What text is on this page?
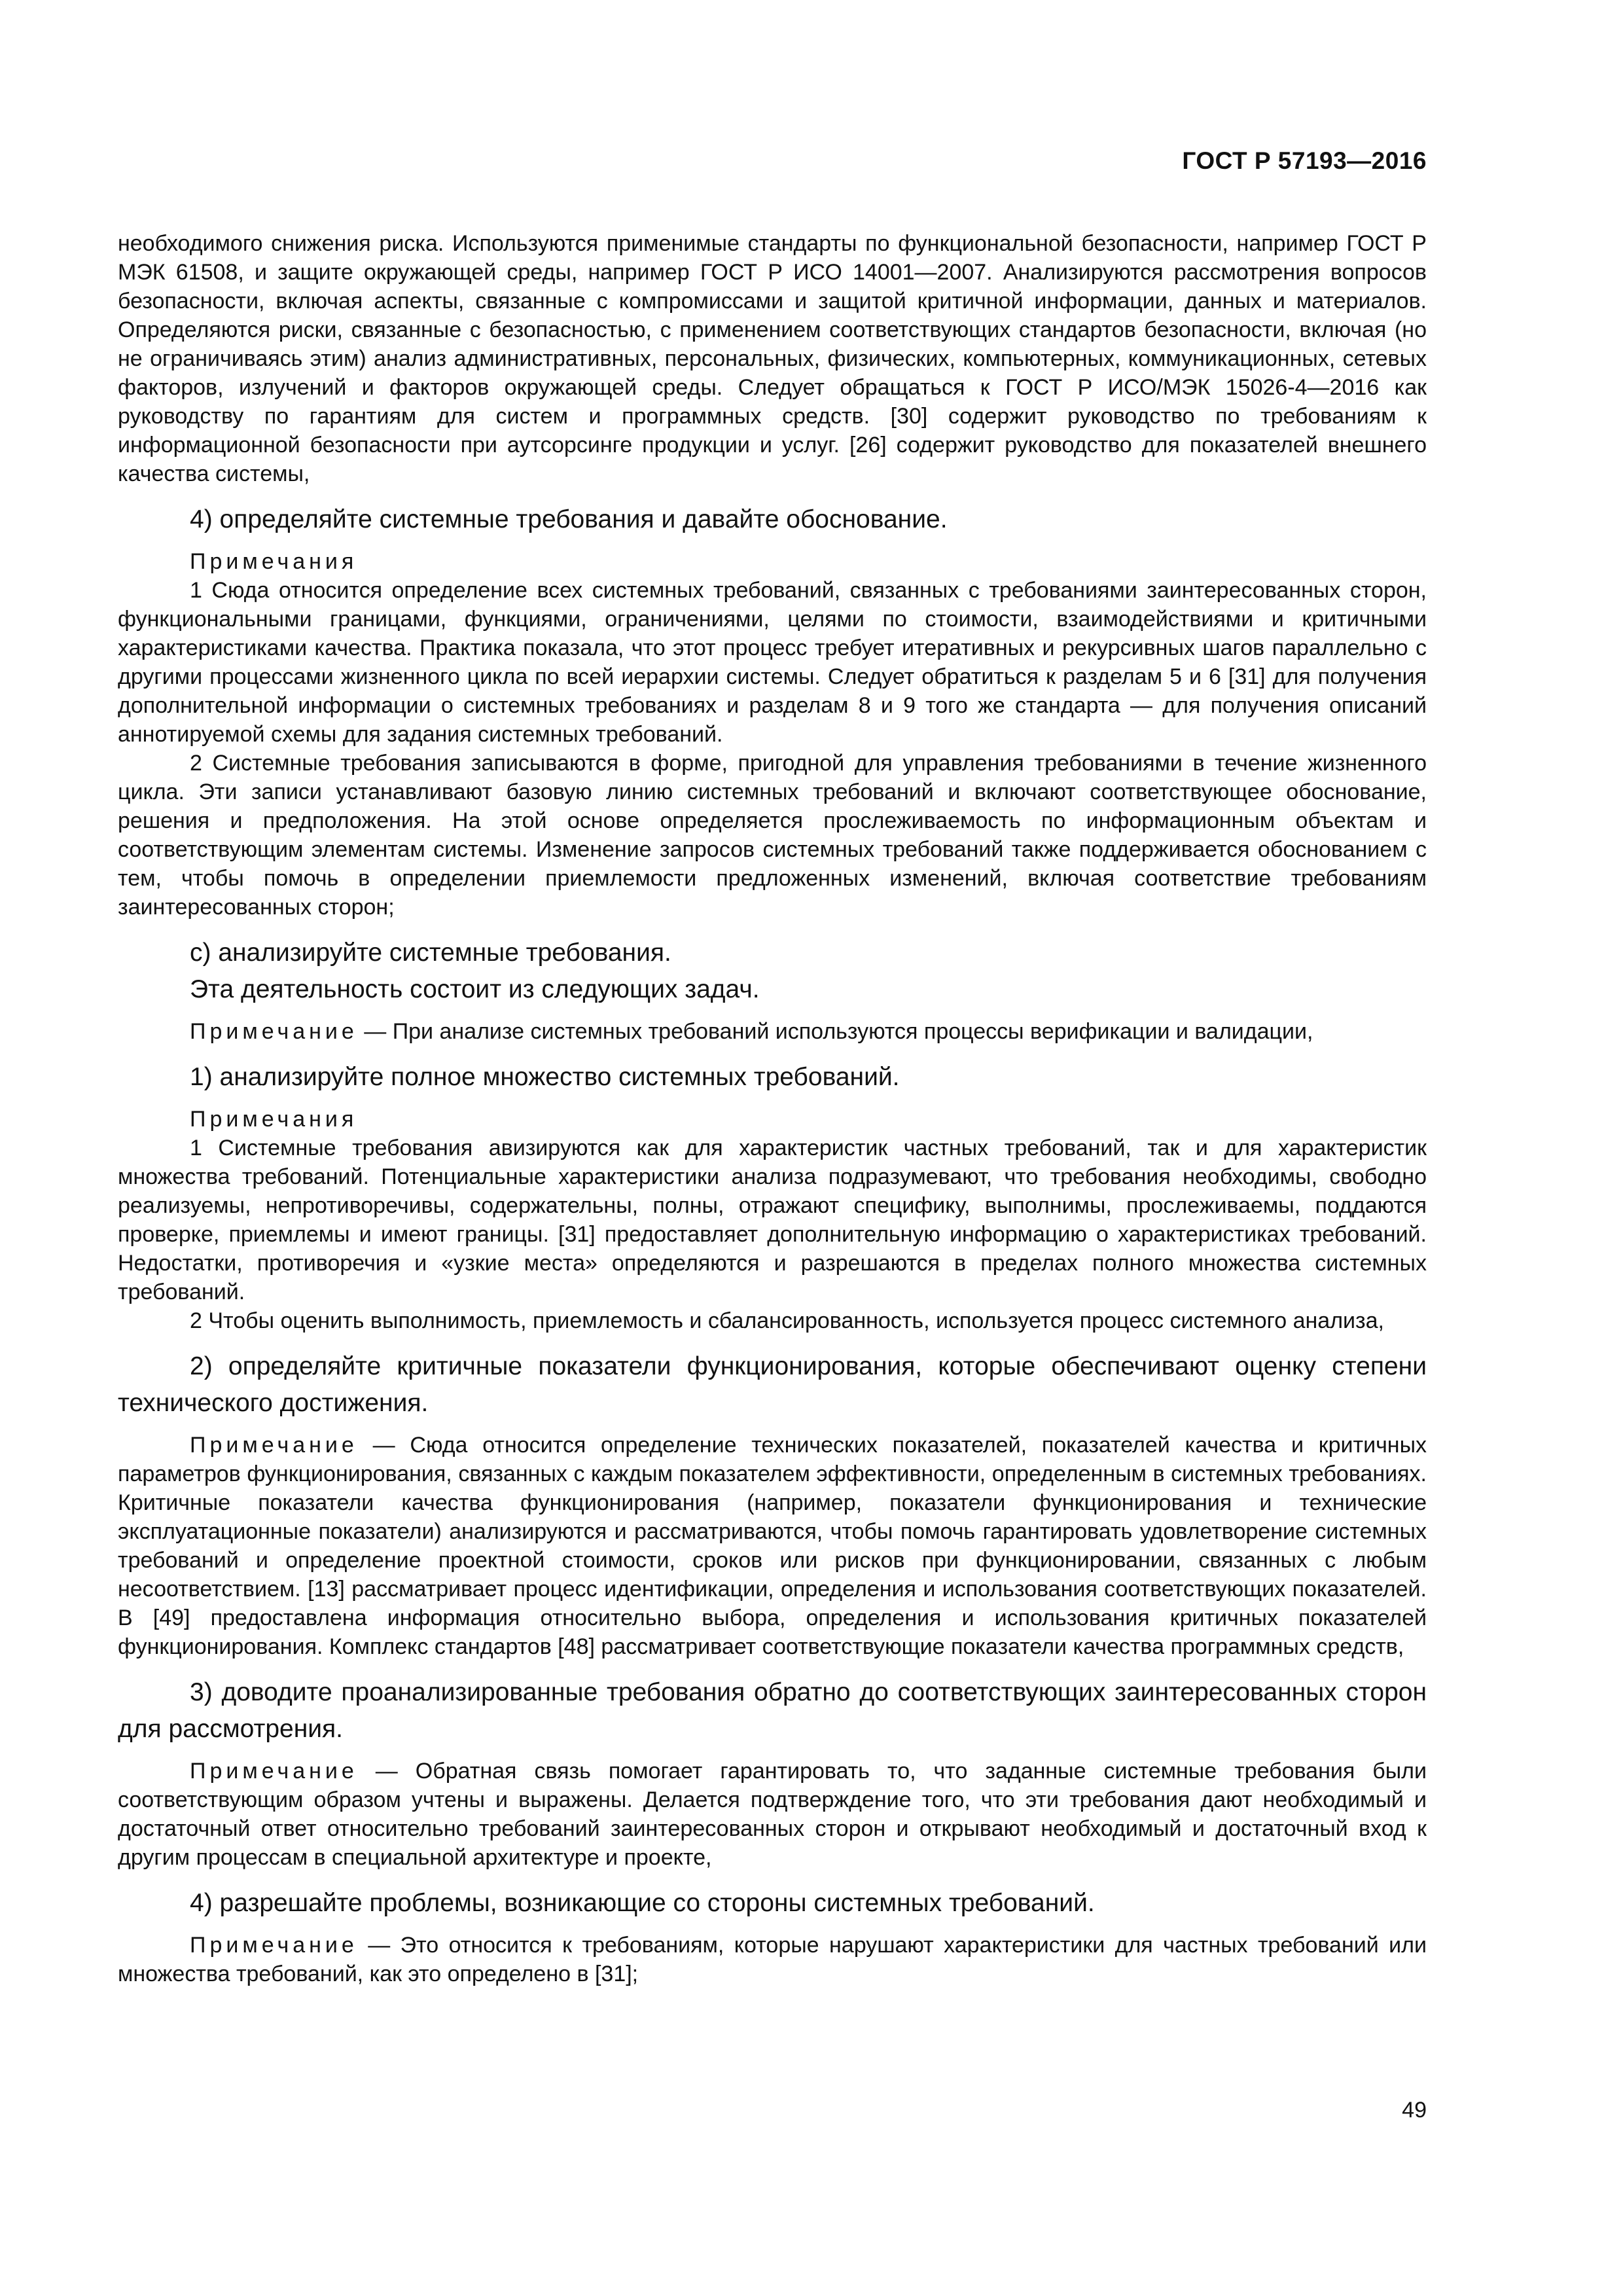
ГОСТ Р 57193—2016

необходимого снижения риска. Используются применимые стандарты по функциональной безопасности, например ГОСТ Р МЭК 61508, и защите окружающей среды, например ГОСТ Р ИСО 14001—2007. Анализируются рассмотрения вопросов безопасности, включая аспекты, связанные с компромиссами и защитой критичной информации, данных и материалов. Определяются риски, связанные с безопасностью, с применением соответствующих стандартов безопасности, включая (но не ограничиваясь этим) анализ административных, персональных, физических, компьютерных, коммуникационных, сетевых факторов, излучений и факторов окружающей среды. Следует обращаться к ГОСТ Р ИСО/МЭК 15026-4—2016 как руководству по гарантиям для систем и программных средств. [30] содержит руководство по требованиям к информационной безопасности при аутсорсинге продукции и услуг. [26] содержит руководство для показателей внешнего качества системы,

4) определяйте системные требования и давайте обоснование.

Примечания

1 Сюда относится определение всех системных требований, связанных с требованиями заинтересованных сторон, функциональными границами, функциями, ограничениями, целями по стоимости, взаимодействиями и критичными характеристиками качества. Практика показала, что этот процесс требует итеративных и рекурсивных шагов параллельно с другими процессами жизненного цикла по всей иерархии системы. Следует обратиться к разделам 5 и 6 [31] для получения дополнительной информации о системных требованиях и разделам 8 и 9 того же стандарта — для получения описаний аннотируемой схемы для задания системных требований.

2 Системные требования записываются в форме, пригодной для управления требованиями в течение жизненного цикла. Эти записи устанавливают базовую линию системных требований и включают соответствующее обоснование, решения и предположения. На этой основе определяется прослеживаемость по информационным объектам и соответствующим элементам системы. Изменение запросов системных требований также поддерживается обоснованием с тем, чтобы помочь в определении приемлемости предложенных изменений, включая соответствие требованиям заинтересованных сторон;

с) анализируйте системные требования.

Эта деятельность состоит из следующих задач.

Примечание — При анализе системных требований используются процессы верификации и валидации,

1) анализируйте полное множество системных требований.

Примечания

1 Системные требования авизируются как для характеристик частных требований, так и для характеристик множества требований. Потенциальные характеристики анализа подразумевают, что требования необходимы, свободно реализуемы, непротиворечивы, содержательны, полны, отражают специфику, выполнимы, прослеживаемы, поддаются проверке, приемлемы и имеют границы. [31] предоставляет дополнительную информацию о характеристиках требований. Недостатки, противоречия и «узкие места» определяются и разрешаются в пределах полного множества системных требований.

2 Чтобы оценить выполнимость, приемлемость и сбалансированность, используется процесс системного анализа,

2) определяйте критичные показатели функционирования, которые обеспечивают оценку степени технического достижения.

Примечание — Сюда относится определение технических показателей, показателей качества и критичных параметров функционирования, связанных с каждым показателем эффективности, определенным в системных требованиях. Критичные показатели качества функционирования (например, показатели функционирования и технические эксплуатационные показатели) анализируются и рассматриваются, чтобы помочь гарантировать удовлетворение системных требований и определение проектной стоимости, сроков или рисков при функционировании, связанных с любым несоответствием. [13] рассматривает процесс идентификации, определения и использования соответствующих показателей. В [49] предоставлена информация относительно выбора, определения и использования критичных показателей функционирования. Комплекс стандартов [48] рассматривает соответствующие показатели качества программных средств,

3) доводите проанализированные требования обратно до соответствующих заинтересованных сторон для рассмотрения.

Примечание — Обратная связь помогает гарантировать то, что заданные системные требования были соответствующим образом учтены и выражены. Делается подтверждение того, что эти требования дают необходимый и достаточный ответ относительно требований заинтересованных сторон и открывают необходимый и достаточный вход к другим процессам в специальной архитектуре и проекте,

4) разрешайте проблемы, возникающие со стороны системных требований.

Примечание — Это относится к требованиям, которые нарушают характеристики для частных требований или множества требований, как это определено в [31];

49
